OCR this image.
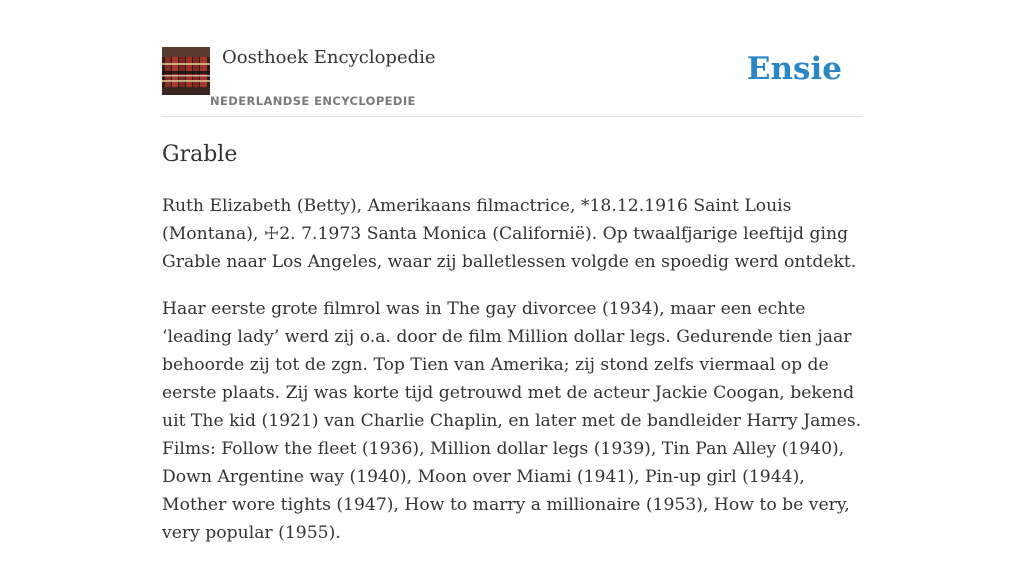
Oosthoek Encyclopedie
NEDERLANDSE ENCYCLOPEDIE
Ensie
Grable

Ruth Elizabeth (Betty), Amerikaans filmactrice, *18.12.1916 Saint Louis (Montana), ☩2. 7.1973 Santa Monica (Californië). Op twaalfjarige leeftijd ging Grable naar Los Angeles, waar zij balletlessen volgde en spoedig werd ontdekt.

Haar eerste grote filmrol was in The gay divorcee (1934), maar een echte ‘leading lady’ werd zij o.a. door de film Million dollar legs. Gedurende tien jaar behoorde zij tot de zgn. Top Tien van Amerika; zij stond zelfs viermaal op de eerste plaats. Zij was korte tijd getrouwd met de acteur Jackie Coogan, bekend uit The kid (1921) van Charlie Chaplin, en later met de bandleider Harry James. Films: Follow the fleet (1936), Million dollar legs (1939), Tin Pan Alley (1940), Down Argentine way (1940), Moon over Miami (1941), Pin-up girl (1944), Mother wore tights (1947), How to marry a millionaire (1953), How to be very, very popular (1955).
